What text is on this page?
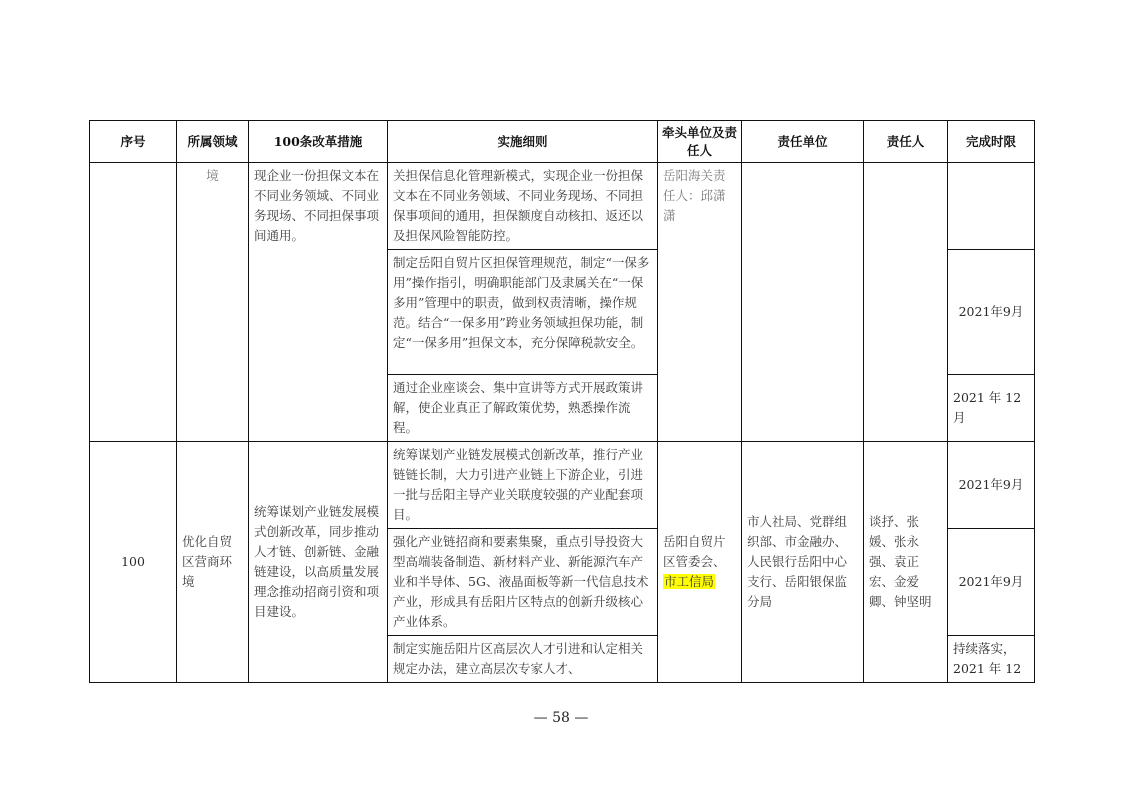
序号	所属领域	100条改革措施	实施细则	牵头单位及责任人	责任单位	责任人	完成时限
	境	现企业一份担保文本在不同业务领域、不同业务现场、不同担保事项间通用。	关担保信息化管理新模式，实现企业一份担保文本在不同业务领域、不同业务现场、不同担保事项间的通用，担保额度自动核扣、返还以及担保风险智能防控。	岳阳海关责任人：邱潇潇			
			制定岳阳自贸片区担保管理规范，制定“一保多用”操作指引，明确职能部门及隶属关在“一保多用”管理中的职责，做到权责清晰，操作规范。结合“一保多用”跨业务领域担保功能，制定“一保多用”担保文本，充分保障税款安全。				2021年9月
			通过企业座谈会、集中宣讲等方式开展政策讲解，使企业真正了解政策优势，熟悉操作流程。				2021 年 12 月
100	优化自贸区营商环境	统筹谋划产业链发展模式创新改革，同步推动人才链、创新链、金融链建设，以高质量发展理念推动招商引资和项目建设。	统筹谋划产业链发展模式创新改革，推行产业链链长制，大力引进产业链上下游企业，引进一批与岳阳主导产业关联度较强的产业配套项目。	岳阳自贸片区管委会、市工信局	市人社局、党群组织部、市金融办、人民银行岳阳中心支行、岳阳银保监分局	谈抒、张媛、张永强、袁正宏、金爱卿、钟坚明	2021年9月
			强化产业链招商和要素集聚，重点引导投资大型高端装备制造、新材料产业、新能源汽车产业和半导体、5G、液晶面板等新一代信息技术产业，形成具有岳阳片区特点的创新升级核心产业体系。				2021年9月
			制定实施岳阳片区高层次人才引进和认定相关规定办法，建立高层次专家人才、				持续落实，2021 年 12
— 58 —
